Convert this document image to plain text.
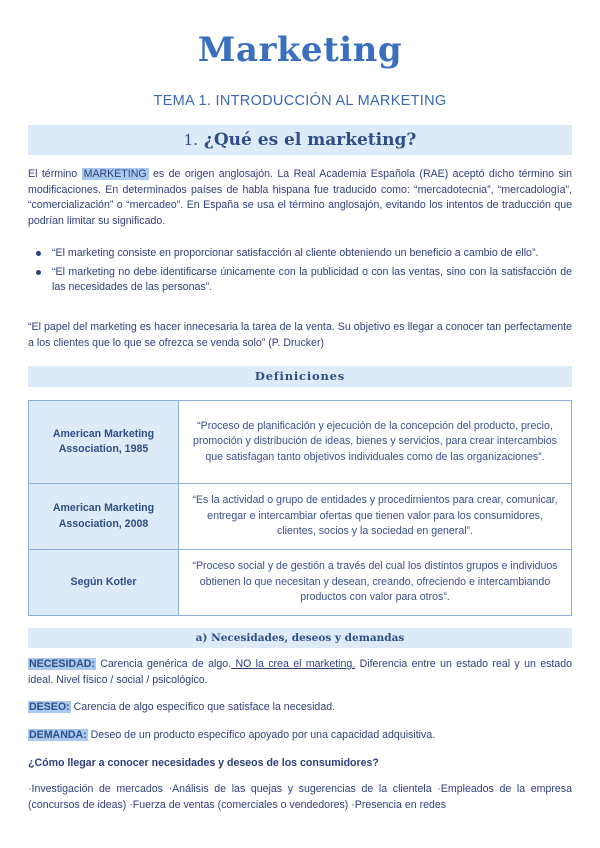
Marketing
TEMA 1. INTRODUCCIÓN AL MARKETING
1. ¿Qué es el marketing?
El término MARKETING es de origen anglosajón. La Real Academia Española (RAE) aceptó dicho término sin modificaciones. En determinados países de habla hispana fue traducido como: “mercadotecnia”, “mercadología”, “comercialización” o “mercadeo”. En España se usa el término anglosajón, evitando los intentos de traducción que podrían limitar su significado.
“El marketing consiste en proporcionar satisfacción al cliente obteniendo un beneficio a cambio de ello”.
“El marketing no debe identificarse únicamente con la publicidad o con las ventas, sino con la satisfacción de las necesidades de las personas”.
“El papel del marketing es hacer innecesaria la tarea de la venta. Su objetivo es llegar a conocer tan perfectamente a los clientes que lo que se ofrezca se venda solo” (P. Drucker)
Definiciones
American Marketing Association, 1985	“Proceso de planificación y ejecución de la concepción del producto, precio, promoción y distribución de ideas, bienes y servicios, para crear intercambios que satisfagan tanto objetivos individuales como de las organizaciones”.
American Marketing Association, 2008	“Es la actividad o grupo de entidades y procedimientos para crear, comunicar, entregar e intercambiar ofertas que tienen valor para los consumidores, clientes, socios y la sociedad en general”.
Según Kotler	“Proceso social y de gestión a través del cual los distintos grupos e individuos obtienen lo que necesitan y desean, creando, ofreciendo e intercambiando productos con valor para otros”.
a) Necesidades, deseos y demandas
NECESIDAD: Carencia genérica de algo. NO la crea el marketing. Diferencia entre un estado real y un estado ideal. Nivel físico / social / psicológico.
DESEO: Carencia de algo específico que satisface la necesidad.
DEMANDA: Deseo de un producto específico apoyado por una capacidad adquisitiva.
¿Cómo llegar a conocer necesidades y deseos de los consumidores?
·Investigación de mercados ·Análisis de las quejas y sugerencias de la clientela ·Empleados de la empresa (concursos de ideas) ·Fuerza de ventas (comerciales o vendedores) ·Presencia en redes
